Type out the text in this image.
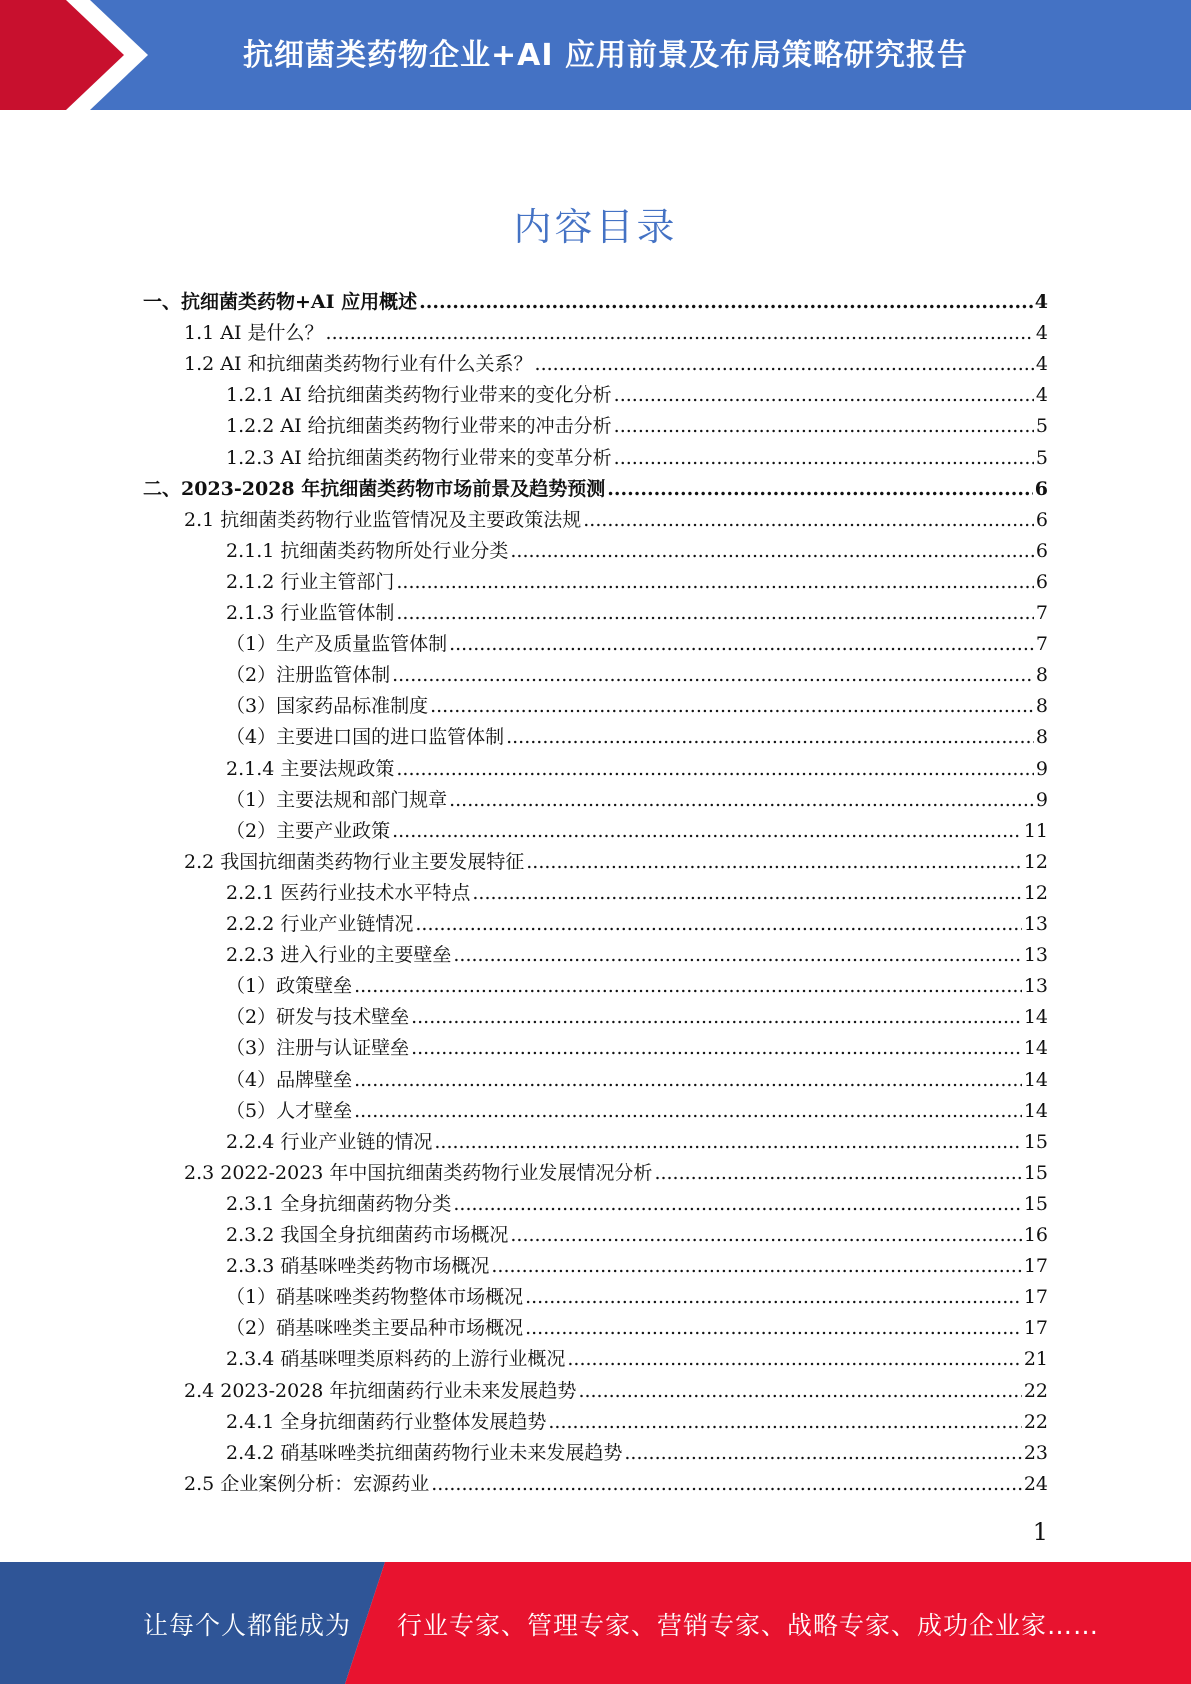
抗细菌类药物企业+AI 应用前景及布局策略研究报告
内容目录
一、抗细菌类药物+AI 应用概述 .....	4
1.1 AI 是什么？ .....	4
1.2 AI 和抗细菌类药物行业有什么关系？ .....	4
1.2.1 AI 给抗细菌类药物行业带来的变化分析 .....	4
1.2.2 AI 给抗细菌类药物行业带来的冲击分析 .....	5
1.2.3 AI 给抗细菌类药物行业带来的变革分析 .....	5
二、2023-2028 年抗细菌类药物市场前景及趋势预测 .....	6
2.1 抗细菌类药物行业监管情况及主要政策法规 .....	6
2.1.1 抗细菌类药物所处行业分类 .....	6
2.1.2 行业主管部门 .....	6
2.1.3 行业监管体制 .....	7
（1）生产及质量监管体制 .....	7
（2）注册监管体制 .....	8
（3）国家药品标准制度 .....	8
（4）主要进口国的进口监管体制 .....	8
2.1.4 主要法规政策 .....	9
（1）主要法规和部门规章 .....	9
（2）主要产业政策 .....	11
2.2 我国抗细菌类药物行业主要发展特征 .....	12
2.2.1 医药行业技术水平特点 .....	12
2.2.2 行业产业链情况 .....	13
2.2.3 进入行业的主要壁垒 .....	13
（1）政策壁垒 .....	13
（2）研发与技术壁垒 .....	14
（3）注册与认证壁垒 .....	14
（4）品牌壁垒 .....	14
（5）人才壁垒 .....	14
2.2.4 行业产业链的情况 .....	15
2.3 2022-2023 年中国抗细菌类药物行业发展情况分析 .....	15
2.3.1 全身抗细菌药物分类 .....	15
2.3.2 我国全身抗细菌药市场概况 .....	16
2.3.3 硝基咪唑类药物市场概况 .....	17
（1）硝基咪唑类药物整体市场概况 .....	17
（2）硝基咪唑类主要品种市场概况 .....	17
2.3.4 硝基咪哩类原料药的上游行业概况 .....	21
2.4 2023-2028 年抗细菌药行业未来发展趋势 .....	22
2.4.1 全身抗细菌药行业整体发展趋势 .....	22
2.4.2 硝基咪唑类抗细菌药物行业未来发展趋势 .....	23
2.5 企业案例分析：宏源药业 .....	24
1
让每个人都能成为 行业专家、管理专家、营销专家、战略专家、成功企业家……
